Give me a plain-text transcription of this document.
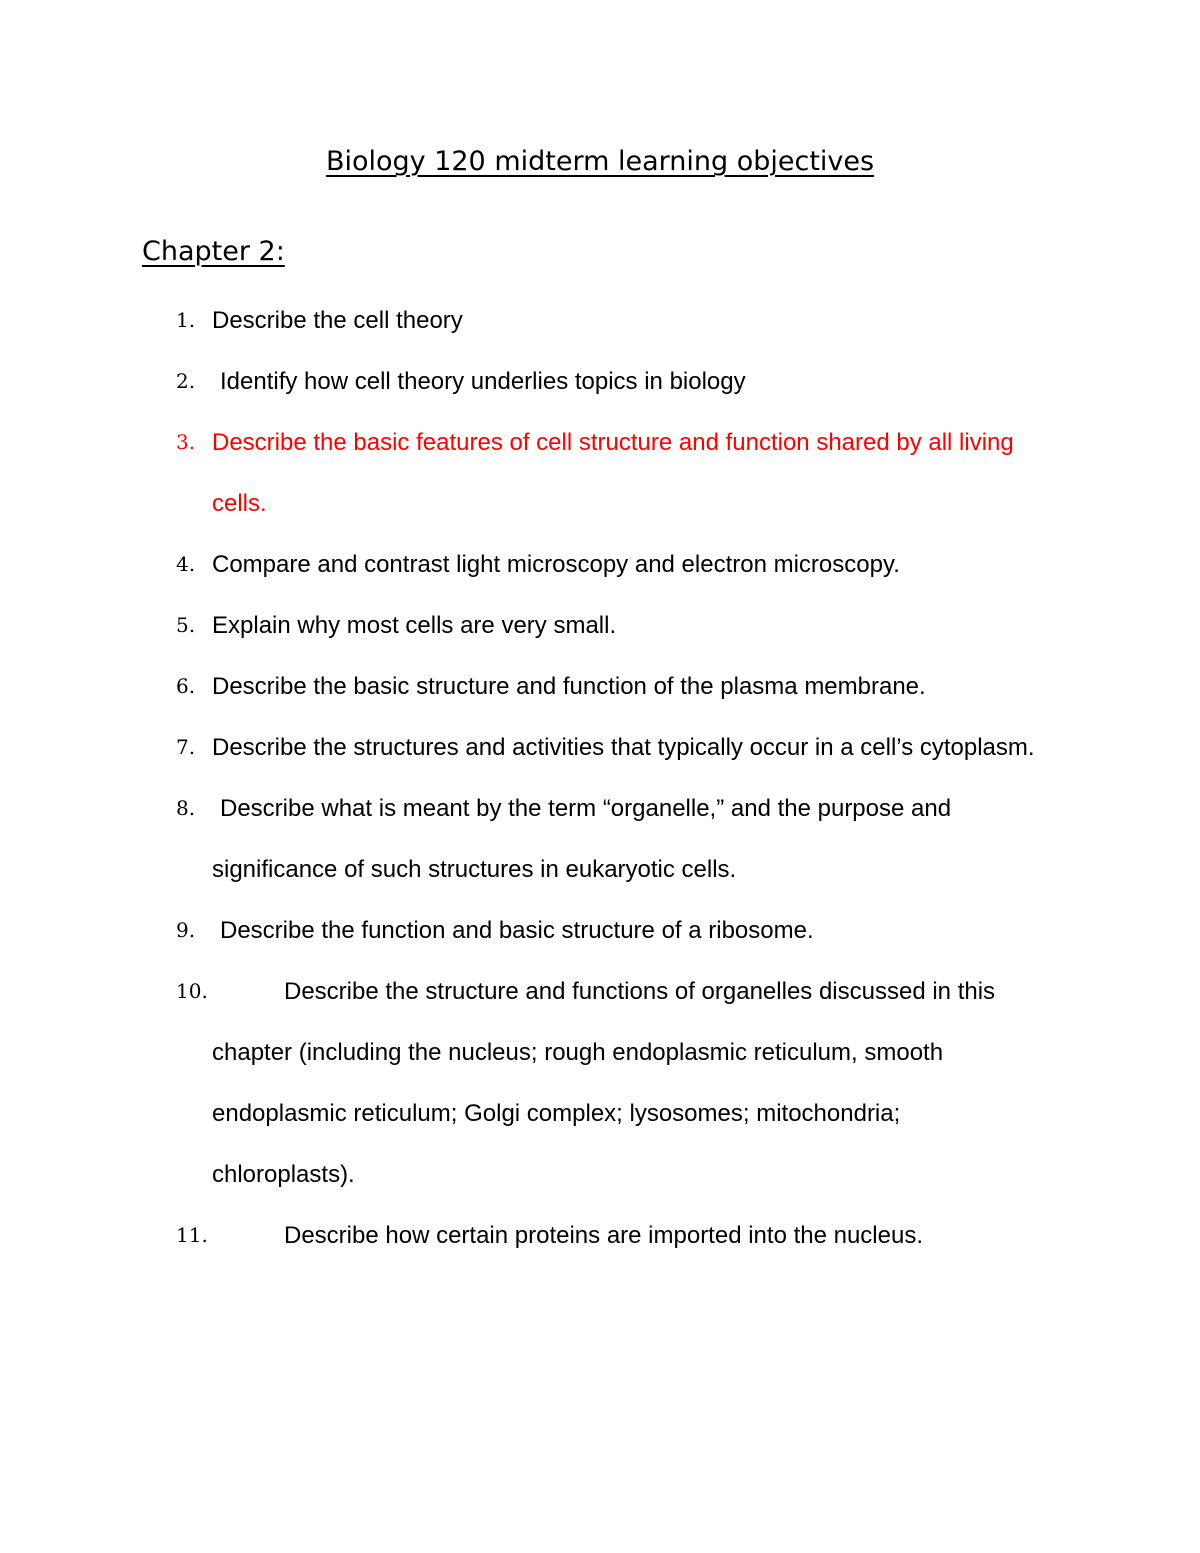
Biology 120 midterm learning objectives
Chapter 2:
1. Describe the cell theory
2.	Identify how cell theory underlies topics in biology
3. Describe the basic features of cell structure and function shared by all living cells.
4. Compare and contrast light microscopy and electron microscopy.
5. Explain why most cells are very small.
6. Describe the basic structure and function of the plasma membrane.
7. Describe the structures and activities that typically occur in a cell’s cytoplasm.
8.	Describe what is meant by the term “organelle,” and the purpose and significance of such structures in eukaryotic cells.
9.	Describe the function and basic structure of a ribosome.
10.	Describe the structure and functions of organelles discussed in this chapter (including the nucleus; rough endoplasmic reticulum, smooth endoplasmic reticulum; Golgi complex; lysosomes; mitochondria; chloroplasts).
11.	Describe how certain proteins are imported into the nucleus.
